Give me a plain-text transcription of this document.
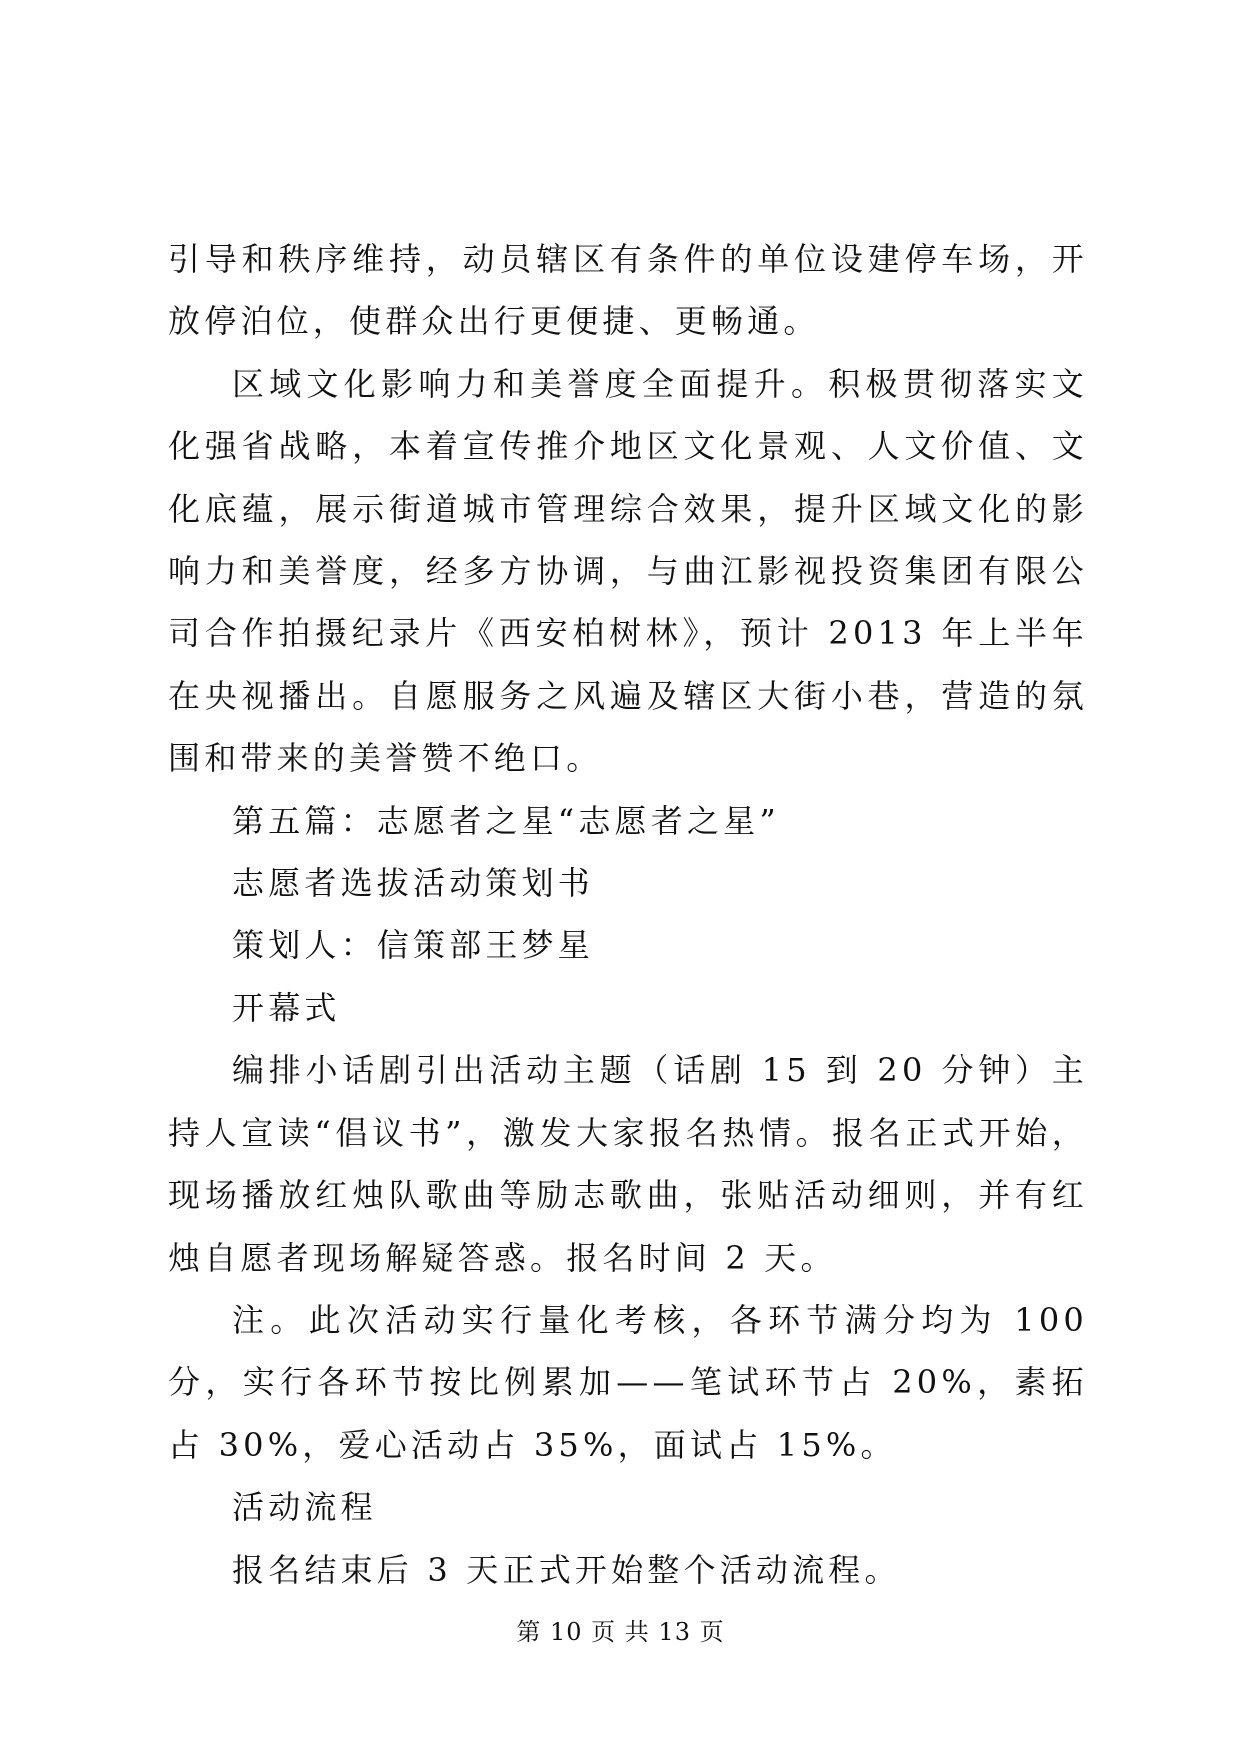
引导和秩序维持，动员辖区有条件的单位设建停车场，开放停泊位，使群众出行更便捷、更畅通。

区域文化影响力和美誉度全面提升。积极贯彻落实文化强省战略，本着宣传推介地区文化景观、人文价值、文化底蕴，展示街道城市管理综合效果，提升区域文化的影响力和美誉度，经多方协调，与曲江影视投资集团有限公司合作拍摄纪录片《西安柏树林》，预计 2013 年上半年在央视播出。自愿服务之风遍及辖区大街小巷，营造的氛围和带来的美誉赞不绝口。

第五篇：志愿者之星“志愿者之星”

志愿者选拔活动策划书

策划人：信策部王梦星

开幕式

编排小话剧引出活动主题（话剧 15 到 20 分钟）主持人宣读“倡议书”，激发大家报名热情。报名正式开始，现场播放红烛队歌曲等励志歌曲，张贴活动细则，并有红烛自愿者现场解疑答惑。报名时间 2 天。

注。此次活动实行量化考核，各环节满分均为 100 分，实行各环节按比例累加——笔试环节占 20%，素拓占 30%，爱心活动占 35%，面试占 15%。

活动流程

报名结束后 3 天正式开始整个活动流程。

第 10 页 共 13 页
